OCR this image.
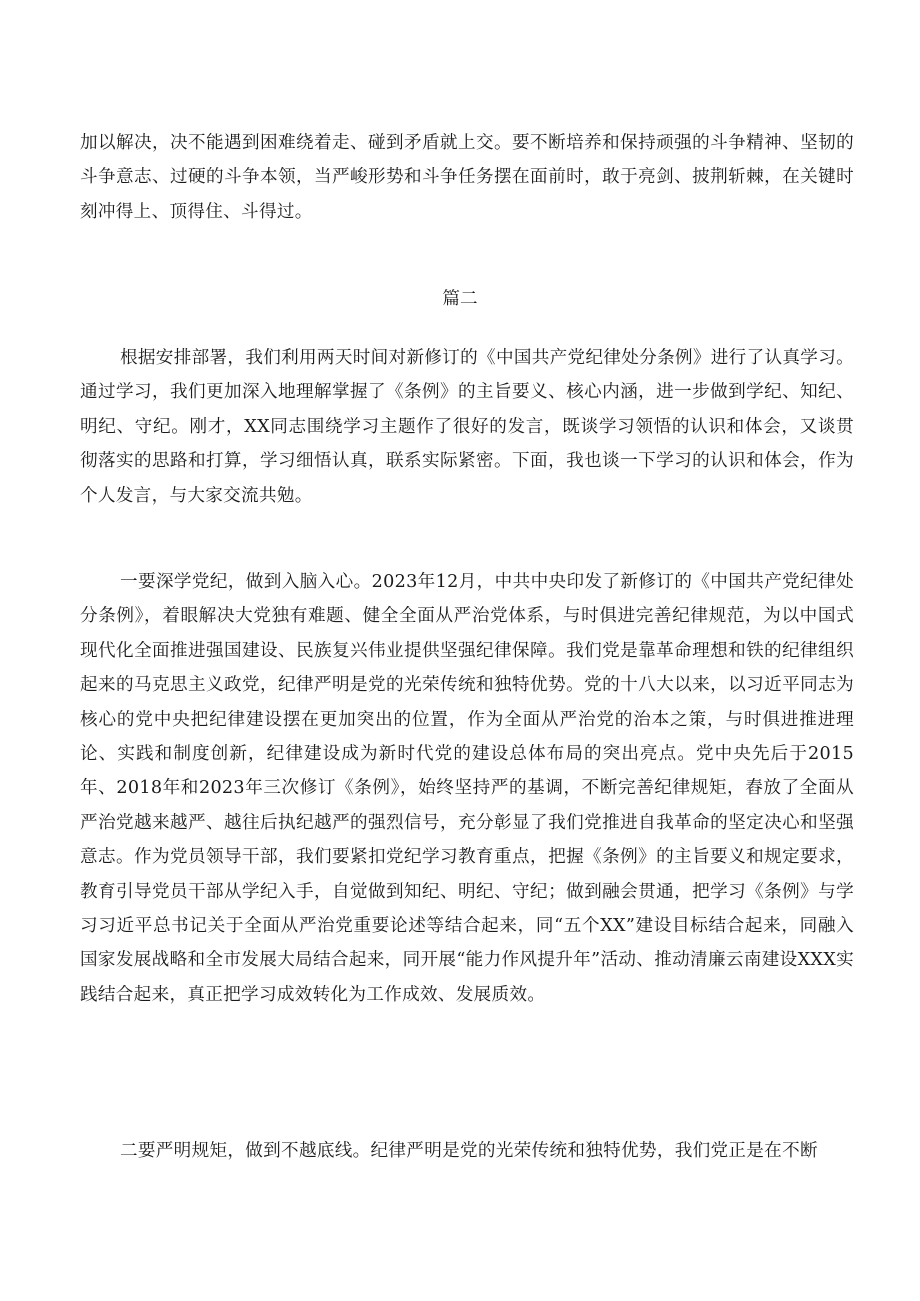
加以解决，决不能遇到困难绕着走、碰到矛盾就上交。要不断培养和保持顽强的斗争精神、坚韧的斗争意志、过硬的斗争本领，当严峻形势和斗争任务摆在面前时，敢于亮剑、披荆斩棘，在关键时刻冲得上、顶得住、斗得过。

篇二

根据安排部署，我们利用两天时间对新修订的《中国共产党纪律处分条例》进行了认真学习。通过学习，我们更加深入地理解掌握了《条例》的主旨要义、核心内涵，进一步做到学纪、知纪、明纪、守纪。刚才，XX同志围绕学习主题作了很好的发言，既谈学习领悟的认识和体会，又谈贯彻落实的思路和打算，学习细悟认真，联系实际紧密。下面，我也谈一下学习的认识和体会，作为个人发言，与大家交流共勉。

一要深学党纪，做到入脑入心。2023年12月，中共中央印发了新修订的《中国共产党纪律处分条例》，着眼解决大党独有难题、健全全面从严治党体系，与时俱进完善纪律规范，为以中国式现代化全面推进强国建设、民族复兴伟业提供坚强纪律保障。我们党是靠革命理想和铁的纪律组织起来的马克思主义政党，纪律严明是党的光荣传统和独特优势。党的十八大以来，以习近平同志为核心的党中央把纪律建设摆在更加突出的位置，作为全面从严治党的治本之策，与时俱进推进理论、实践和制度创新，纪律建设成为新时代党的建设总体布局的突出亮点。党中央先后于2015年、2018年和2023年三次修订《条例》，始终坚持严的基调，不断完善纪律规矩，舂放了全面从严治党越来越严、越往后执纪越严的强烈信号，充分彰显了我们党推进自我革命的坚定决心和坚强意志。作为党员领导干部，我们要紧扣党纪学习教育重点，把握《条例》的主旨要义和规定要求，教育引导党员干部从学纪入手，自觉做到知纪、明纪、守纪；做到融会贯通，把学习《条例》与学习习近平总书记关于全面从严治党重要论述等结合起来，同“五个XX”建设目标结合起来，同融入国家发展战略和全市发展大局结合起来，同开展“能力作风提升年”活动、推动清廉云南建设XXX实践结合起来，真正把学习成效转化为工作成效、发展质效。

二要严明规矩，做到不越底线。纪律严明是党的光荣传统和独特优势，我们党正是在不断
